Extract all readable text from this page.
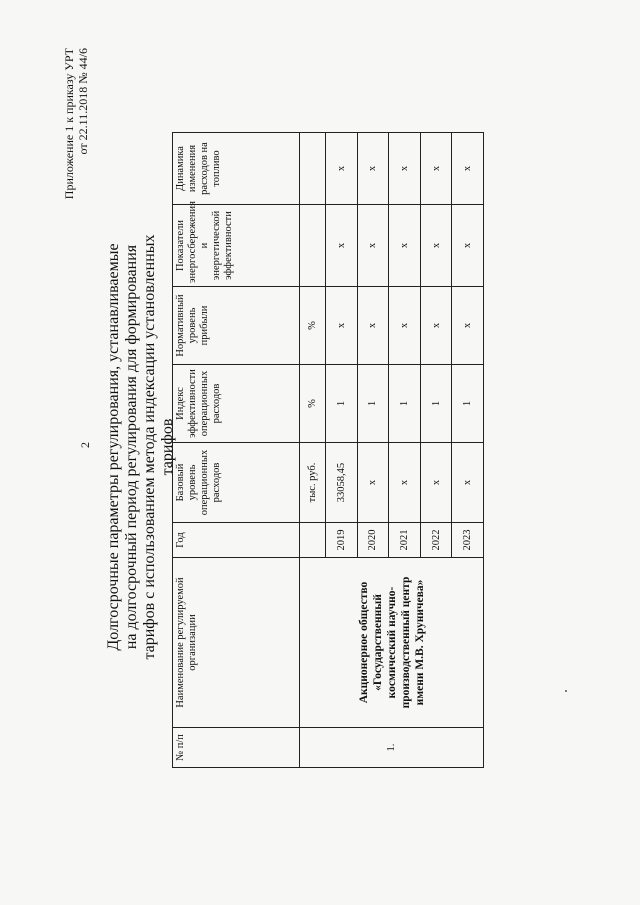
2
Приложение 1 к приказу УРТ от 22.11.2018 № 44/6
Долгосрочные параметры регулирования, устанавливаемые на долгосрочный период регулирования для формирования тарифов с использованием метода индексации установленных тарифов
№ п/п	Наименование регулируемой организации	Год	Базовый уровень операционных расходов	Индекс эффективности операционных расходов	Нормативный уровень прибыли	Показатели энергосбережения и энергетической эффективности	Динамика изменения расходов на топливо
1.	Акционерное общество «Государственный космический научно-производственный центр имени М.В. Хруничева»		тыс. руб.	%	%		
		2019	33058,45	1	х	х	х
		2020	х	1	х	х	х
		2021	х	1	х	х	х
		2022	х	1	х	х	х
		2023	х	1	х	х	х
